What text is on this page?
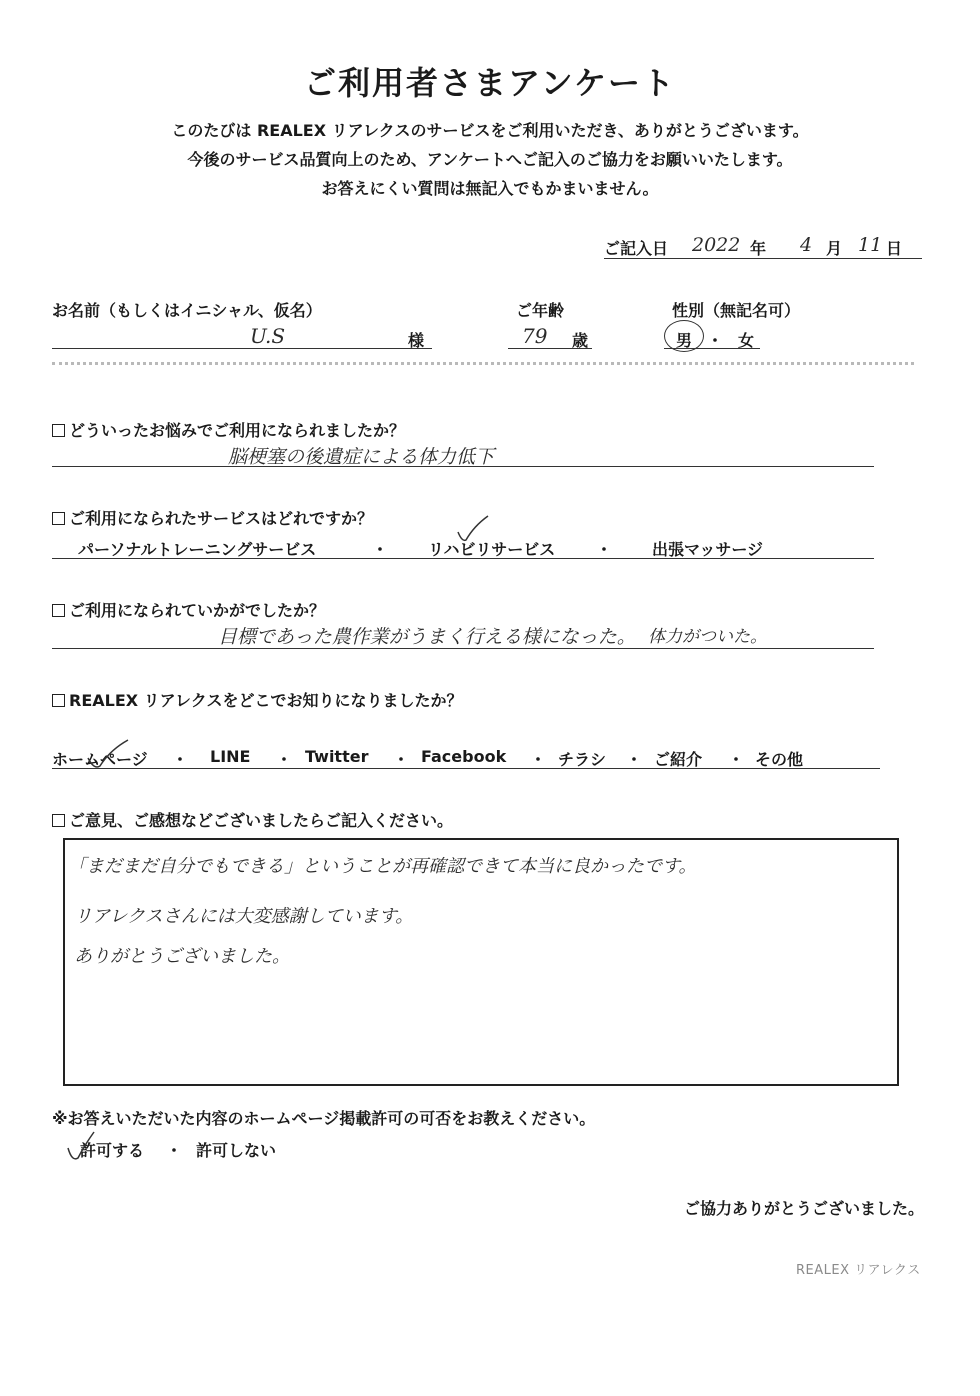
ご利用者さまアンケート
このたびは REALEX リアレクスのサービスをご利用いただき、ありがとうございます。
今後のサービス品質向上のため、アンケートへご記入のご協力をお願いいたします。
お答えにくい質問は無記入でもかまいません。
ご記入日 2022 年 4 月 11 日
お名前（もしくはイニシャル、仮名）
U.S	様
ご年齢
79 歳
性別（無記名可）
男 ・ 女
どういったお悩みでご利用になられましたか？
脳梗塞の後遺症による体力低下
ご利用になられたサービスはどれですか？
パーソナルトレーニングサービス	・ リハビリサービス	・ 出張マッサージ
ご利用になられていかがでしたか？
目標であった農作業がうまく行える様になった。 体力がついた。
REALEX リアレクスをどこでお知りになりましたか？
ホームページ ・ LINE ・ Twitter ・ Facebook ・ チラシ ・ ご紹介 ・ その他
ご意見、ご感想などございましたらご記入ください。
「まだまだ自分でもできる」ということが再確認できて本当に良かったです。
リアレクスさんには大変感謝しています。
ありがとうございました。
※お答えいただいた内容のホームページ掲載許可の可否をお教えください。
許可する ・ 許可しない
ご協力ありがとうございました。
REALEX リアレクス
